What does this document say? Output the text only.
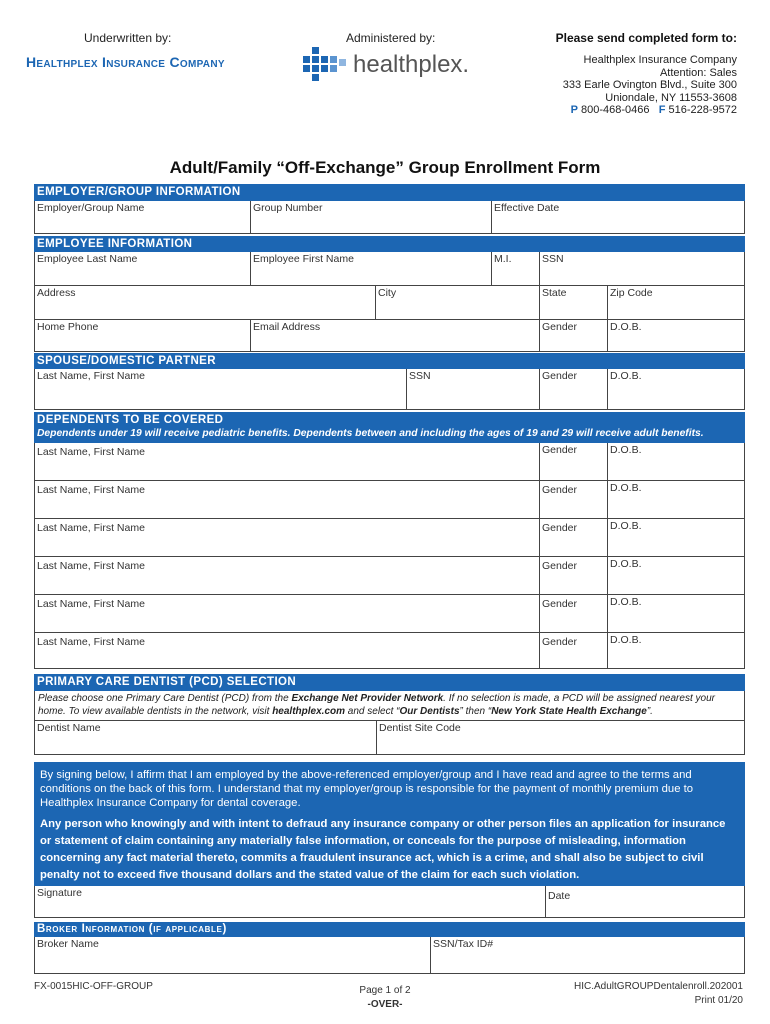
Underwritten by:
Healthplex Insurance Company
Administered by:
healthplex.
Please send completed form to:
Healthplex Insurance Company
Attention: Sales
333 Earle Ovington Blvd., Suite 300
Uniondale, NY 11553-3608
P 800-468-0466 F 516-228-9572
Adult/Family “Off-Exchange” Group Enrollment Form
EMPLOYER/GROUP INFORMATION
Employer/Group Name	Group Number	Effective Date
EMPLOYEE INFORMATION
Employee Last Name	Employee First Name	M.I.	SSN
Address	City	State	Zip Code
Home Phone	Email Address	Gender	D.O.B.
SPOUSE/DOMESTIC PARTNER
Last Name, First Name	SSN	Gender	D.O.B.
DEPENDENTS TO BE COVERED
Dependents under 19 will receive pediatric benefits. Dependents between and including the ages of 19 and 29 will receive adult benefits.
Last Name, First Name	Gender	D.O.B.
Last Name, First Name	Gender	D.O.B.
Last Name, First Name	Gender	D.O.B.
Last Name, First Name	Gender	D.O.B.
Last Name, First Name	Gender	D.O.B.
Last Name, First Name	Gender	D.O.B.
PRIMARY CARE DENTIST (PCD) SELECTION
Please choose one Primary Care Dentist (PCD) from the Exchange Net Provider Network. If no selection is made, a PCD will be assigned nearest your home. To view available dentists in the network, visit healthplex.com and select “Our Dentists” then “New York State Health Exchange”.
Dentist Name	Dentist Site Code

By signing below, I affirm that I am employed by the above-referenced employer/group and I have read and agree to the terms and conditions on the back of this form. I understand that my employer/group is responsible for the payment of monthly premium due to Healthplex Insurance Company for dental coverage.

Any person who knowingly and with intent to defraud any insurance company or other person files an application for insurance or statement of claim containing any materially false information, or conceals for the purpose of misleading, information concerning any fact material thereto, commits a fraudulent insurance act, which is a crime, and shall also be subject to civil penalty not to exceed five thousand dollars and the stated value of the claim for each such violation.

Signature	Date
Broker Information (if applicable)
Broker Name	SSN/Tax ID#
FX-0015HIC-OFF-GROUP	Page 1 of 2
-OVER-
HIC.AdultGROUPDentalenroll.202001
Print 01/20
